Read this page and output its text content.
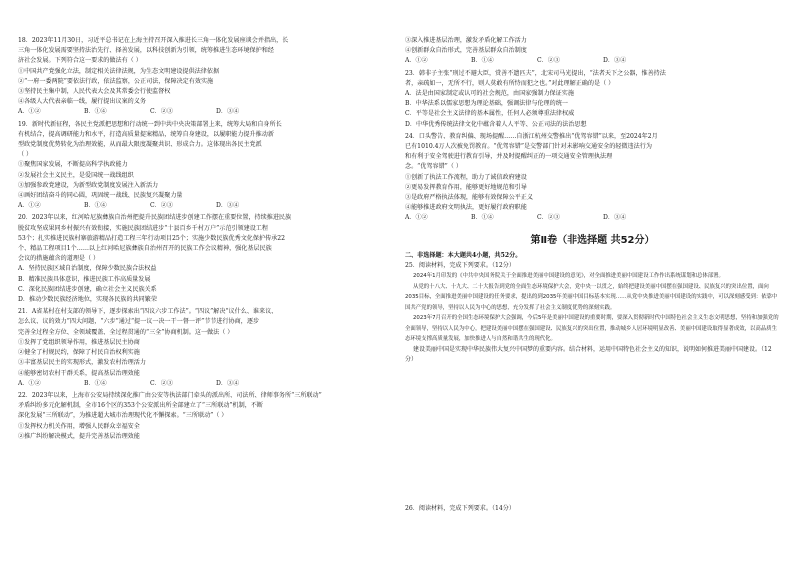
18．2023年11月30日，习近平总书记在上海主持召开深入推进长三角一体化发展座谈会并指出，长
三角一体化发展需要坚持法治先行、择善发展，以科技创新为引领，统筹推进生态环境保护和经
济社会发展。下列符合这一要求的做法有（ ）
①中国共产党强化立法，制定相关法律法规，为生态文明建设提供法律依据
②“一府一委两院”要依法行政，依法监察，公正司法，保障决定有效实施
③坚持民主集中制，人民代表大会及其常委会行使监督权
④各级人大代表亲临一线，履行提出议案的义务
A．①②	B．①④	C．②③	D．③④
19．新时代新征程，各民主党派把思想和行动统一到中共中央决策部署上来，统筹大局和自身所长
有机结合，提高调研能力和水平，打造高质量提案精品，统筹自身建设，以履职能力提升推动新
型政党制度优势转化为治理效能，从而最大限度凝聚共识、形成合力。这体现出各民主党派
（ ）
①聚焦国家发展，不断提高科学执政能力
②发展社会主义民主，是爱国统一战线组织
③加强参政党建设，为新型政党制度发展注入新活力
④画好团结奋斗的同心圆，巩固统一战线、民族复兴凝聚力量
A．①②	B．①④	C．②③	D．③④
20．2023年以来，红河哈尼族彝族自治州把提升民族团结进步创建工作摆在重要位置，持续推进民族
脱贫攻坚成果同乡村振兴有效衔接，实施民族团结进步“十县百乡千村万户”示范引领建设工程
53个；扎实推进民族村寨旅游精品打造工程三年行动项目25个；实施少数民族优秀文化保护传承22
个、精品工程项目1个……以上红河哈尼族彝族自治州召开的民族工作会议精神，强化基层民族
会议的措施蕴含的道理是（ ）
A．坚持民族区域自治制度，保障少数民族合法权益
B．精准民族具体意识，推进民族工作高质量发展
C．深化民族团结进步创建，确立社会主义民族关系
D．推动少数民族经济地位，实现各民族的共同繁荣
21．A省某村在村支部的领导下，逐步探索出“四议六步工作法”。“四议”解决“议什么、谁来议、
怎么议、议的效力”四大问题，“六步”通过“提一议一决一干一督一评”节节进行协商，逐步
完善全过程全方位、全领域覆盖、全过程贯通的“三全”协商机制。这一做法（ ）
①发挥了党组织领导作用，推进基层民主协商
②健全了村规民约，保障了村民自治权利实施
③丰富基层民主的实现形式，激发农村治理活力
④能够密切农村干群关系，提高基层治理效能
A．①②	B．①④	C．②③	D．③④
22．2023年以来，上海市公安局持续深化推广由公安等执法部门牵头的派出所、司法所、律师事务所“三所联动”
矛盾纠纷多元化解机制，全市16个区的353个公安派出所全部建立了“三所联动”机制，不断
深化发展“三所联动”，为推进超大城市治理现代化不懈探索。“三所联动”（ ）
①发挥权力机关作用，增强人民群众幸福安全
②推广纠纷解决模式，提升完善基层治理效能
③深入推进基层治理，激发矛盾化解工作活力
④创新群众自治形式，完善基层群众自治制度
A．①②	B．①④	C．②③	D．③④
23．韩非子主张“刑过不避大臣，赏善不遗匹夫”，北宋司马光提出，“法者天下之公器，惟善持法
者，亲疏如一，无所不行，则人莫敢有所恃而犯之也。”对此理解正确的是（ ）
A．法是由国家制定或认可的社会规范，由国家强制力保证实施
B．中华法系以儒家思想为理论基础，强调法律与伦理的统一
C．平等是社会主义法律的基本属性，任何人必须尊重法律权威
D．中华优秀传统法律文化中蕴含着人人平等、公正司法的法治思想
24．口头警告、教育纠偏、现场提醒……自浙江杭州交警推出“优驾容错”以来，至2024年2月
已有1010.4万人次被免罚教育。“优驾容错”是交警部门针对未影响交通安全的轻微违法行为
和有利于安全驾驶进行教育引导，并及时提醒纠正的一项交通安全管理执法理
念。“优驾容错”（ ）
①创新了执法工作流程，助力了诚信政府建设
②更易发挥教育作用，能够更好地规范和引导
③是政府严格执法体现，能够有效保障公平正义
④能够推进政府文明执法，更好履行政府职能
A．①②	B．①④	C．②③	D．③④
第Ⅱ卷（非选择题 共52分）
二、非选择题：本大题共4小题，共52分。
25．阅读材料，完成下列要求。（12分）
2024年1月印发的《中共中央国务院关于全面推进美丽中国建设的意见》，对全面推进美丽中国建设工作作出系统谋划和总体部署。
从党的十八大、十九大、二十大报告到党的全面生态环境保护大会，党中央一以贯之，始终把建设美丽中国摆在强国建设、民族复兴的突出位置，面向2035目标，全面推进美丽中国建设的任务要求，提出的到2035年美丽中国目标基本实现……从党中央推进美丽中国建设的实践中，可以深刻感受到：依靠中国共产党的领导，坚持以人民为中心的思想，充分发挥了社会主义制度优势的深刻实践。
2023年7月召开的全国生态环境保护大会强调，今后5年是美丽中国建设的重要时期，要深入贯彻新时代中国特色社会主义生态文明思想，坚持和加强党的全面领导，坚持以人民为中心，把建设美丽中国摆在强国建设、民族复兴的突出位置，推动城乡人居环境明显改善、美丽中国建设取得显著成效，以高品质生态环境支撑高质量发展，加快推进人与自然和谐共生的现代化。
建设美丽中国是实现中华民族伟大复兴中国梦的重要内容。结合材料，运用中国特色社会主义的知识，说明如何推进美丽中国建设。（12分）
26．阅读材料，完成下列要求。（14分）
